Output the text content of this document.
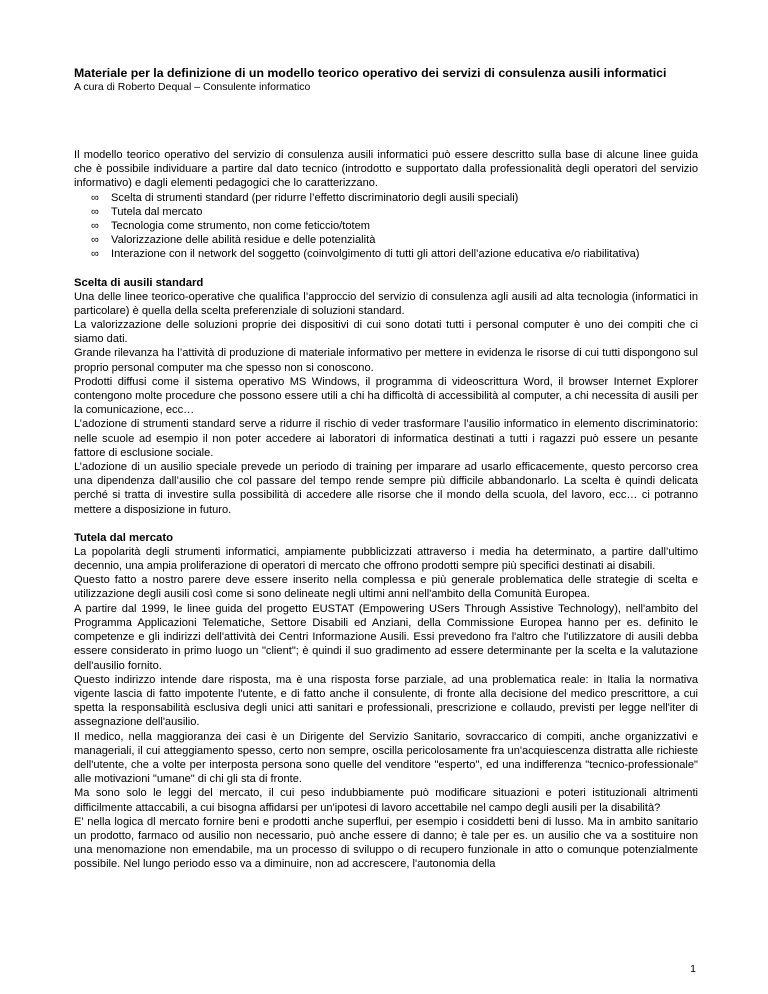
Materiale per la definizione di un modello teorico operativo dei servizi di consulenza ausili informatici

A cura di Roberto Dequal – Consulente informatico

Il modello teorico operativo del servizio di consulenza ausili informatici può essere descritto sulla base di alcune linee guida che è possibile individuare a partire dal dato tecnico (introdotto e supportato dalla professionalità degli operatori del servizio informativo) e dagli elementi pedagogici che lo caratterizzano.

∞ Scelta di strumenti standard (per ridurre l’effetto discriminatorio degli ausili speciali)
∞ Tutela dal mercato
∞ Tecnologia come strumento, non come feticcio/totem
∞ Valorizzazione delle abilità residue e delle potenzialità
∞ Interazione con il network del soggetto (coinvolgimento di tutti gli attori dell’azione educativa e/o riabilitativa)
Scelta di ausili standard

Una delle linee teorico-operative che qualifica l’approccio del servizio di consulenza agli ausili ad alta tecnologia (informatici in particolare) è quella della scelta preferenziale di soluzioni standard.

La valorizzazione delle soluzioni proprie dei dispositivi di cui sono dotati tutti i personal computer è uno dei compiti che ci siamo dati.

Grande rilevanza ha l’attività di produzione di materiale informativo per mettere in evidenza le risorse di cui tutti dispongono sul proprio personal computer ma che spesso non si conoscono.

Prodotti diffusi come il sistema operativo MS Windows, il programma di videoscrittura Word, il browser Internet Explorer contengono molte procedure che possono essere utili a chi ha difficoltà di accessibilità al computer, a chi necessita di ausili per la comunicazione, ecc…

L’adozione di strumenti standard serve a ridurre il rischio di veder trasformare l’ausilio informatico in elemento discriminatorio: nelle scuole ad esempio il non poter accedere ai laboratori di informatica destinati a tutti i ragazzi può essere un pesante fattore di esclusione sociale.

L’adozione di un ausilio speciale prevede un periodo di training per imparare ad usarlo efficacemente, questo percorso crea una dipendenza dall’ausilio che col passare del tempo rende sempre più difficile abbandonarlo. La scelta è quindi delicata perché si tratta di investire sulla possibilità di accedere alle risorse che il mondo della scuola, del lavoro, ecc… ci potranno mettere a disposizione in futuro.

Tutela dal mercato

La popolarità degli strumenti informatici, ampiamente pubblicizzati attraverso i media ha determinato, a partire dall’ultimo decennio, una ampia proliferazione di operatori di mercato che offrono prodotti sempre più specifici destinati ai disabili.

Questo fatto a nostro parere deve essere inserito nella complessa e più generale problematica delle strategie di scelta e utilizzazione degli ausili così come si sono delineate negli ultimi anni nell'ambito della Comunità Europea.

A partire dal 1999, le linee guida del progetto EUSTAT (Empowering USers Through Assistive Technology), nell'ambito del Programma Applicazioni Telematiche, Settore Disabili ed Anziani, della Commissione Europea hanno per es. definito le competenze e gli indirizzi dell'attività dei Centri Informazione Ausili. Essi prevedono fra l'altro che l'utilizzatore di ausili debba essere considerato in primo luogo un "client"; è quindi il suo gradimento ad essere determinante per la scelta e la valutazione dell'ausilio fornito.

Questo indirizzo intende dare risposta, ma è una risposta forse parziale, ad una problematica reale: in Italia la normativa vigente lascia di fatto impotente l'utente, e di fatto anche il consulente, di fronte alla decisione del medico prescrittore, a cui spetta la responsabilità esclusiva degli unici atti sanitari e professionali, prescrizione e collaudo, previsti per legge nell'iter di assegnazione dell'ausilio.

Il medico, nella maggioranza dei casi è un Dirigente del Servizio Sanitario, sovraccarico di compiti, anche organizzativi e manageriali, il cui atteggiamento spesso, certo non sempre, oscilla pericolosamente fra un'acquiescenza distratta alle richieste dell'utente, che a volte per interposta persona sono quelle del venditore "esperto", ed una indifferenza "tecnico-professionale" alle motivazioni "umane" di chi gli sta di fronte.

Ma sono solo le leggi del mercato, il cui peso indubbiamente può modificare situazioni e poteri istituzionali altrimenti difficilmente attaccabili, a cui bisogna affidarsi per un'ipotesi di lavoro accettabile nel campo degli ausili per la disabilità?

E' nella logica dl mercato fornire beni e prodotti anche superflui, per esempio i cosiddetti beni di lusso. Ma in ambito sanitario un prodotto, farmaco od ausilio non necessario, può anche essere di danno; è tale per es. un ausilio che va a sostituire non una menomazione non emendabile, ma un processo di sviluppo o di recupero funzionale in atto o comunque potenzialmente possibile. Nel lungo periodo esso va a diminuire, non ad accrescere, l'autonomia della

1
